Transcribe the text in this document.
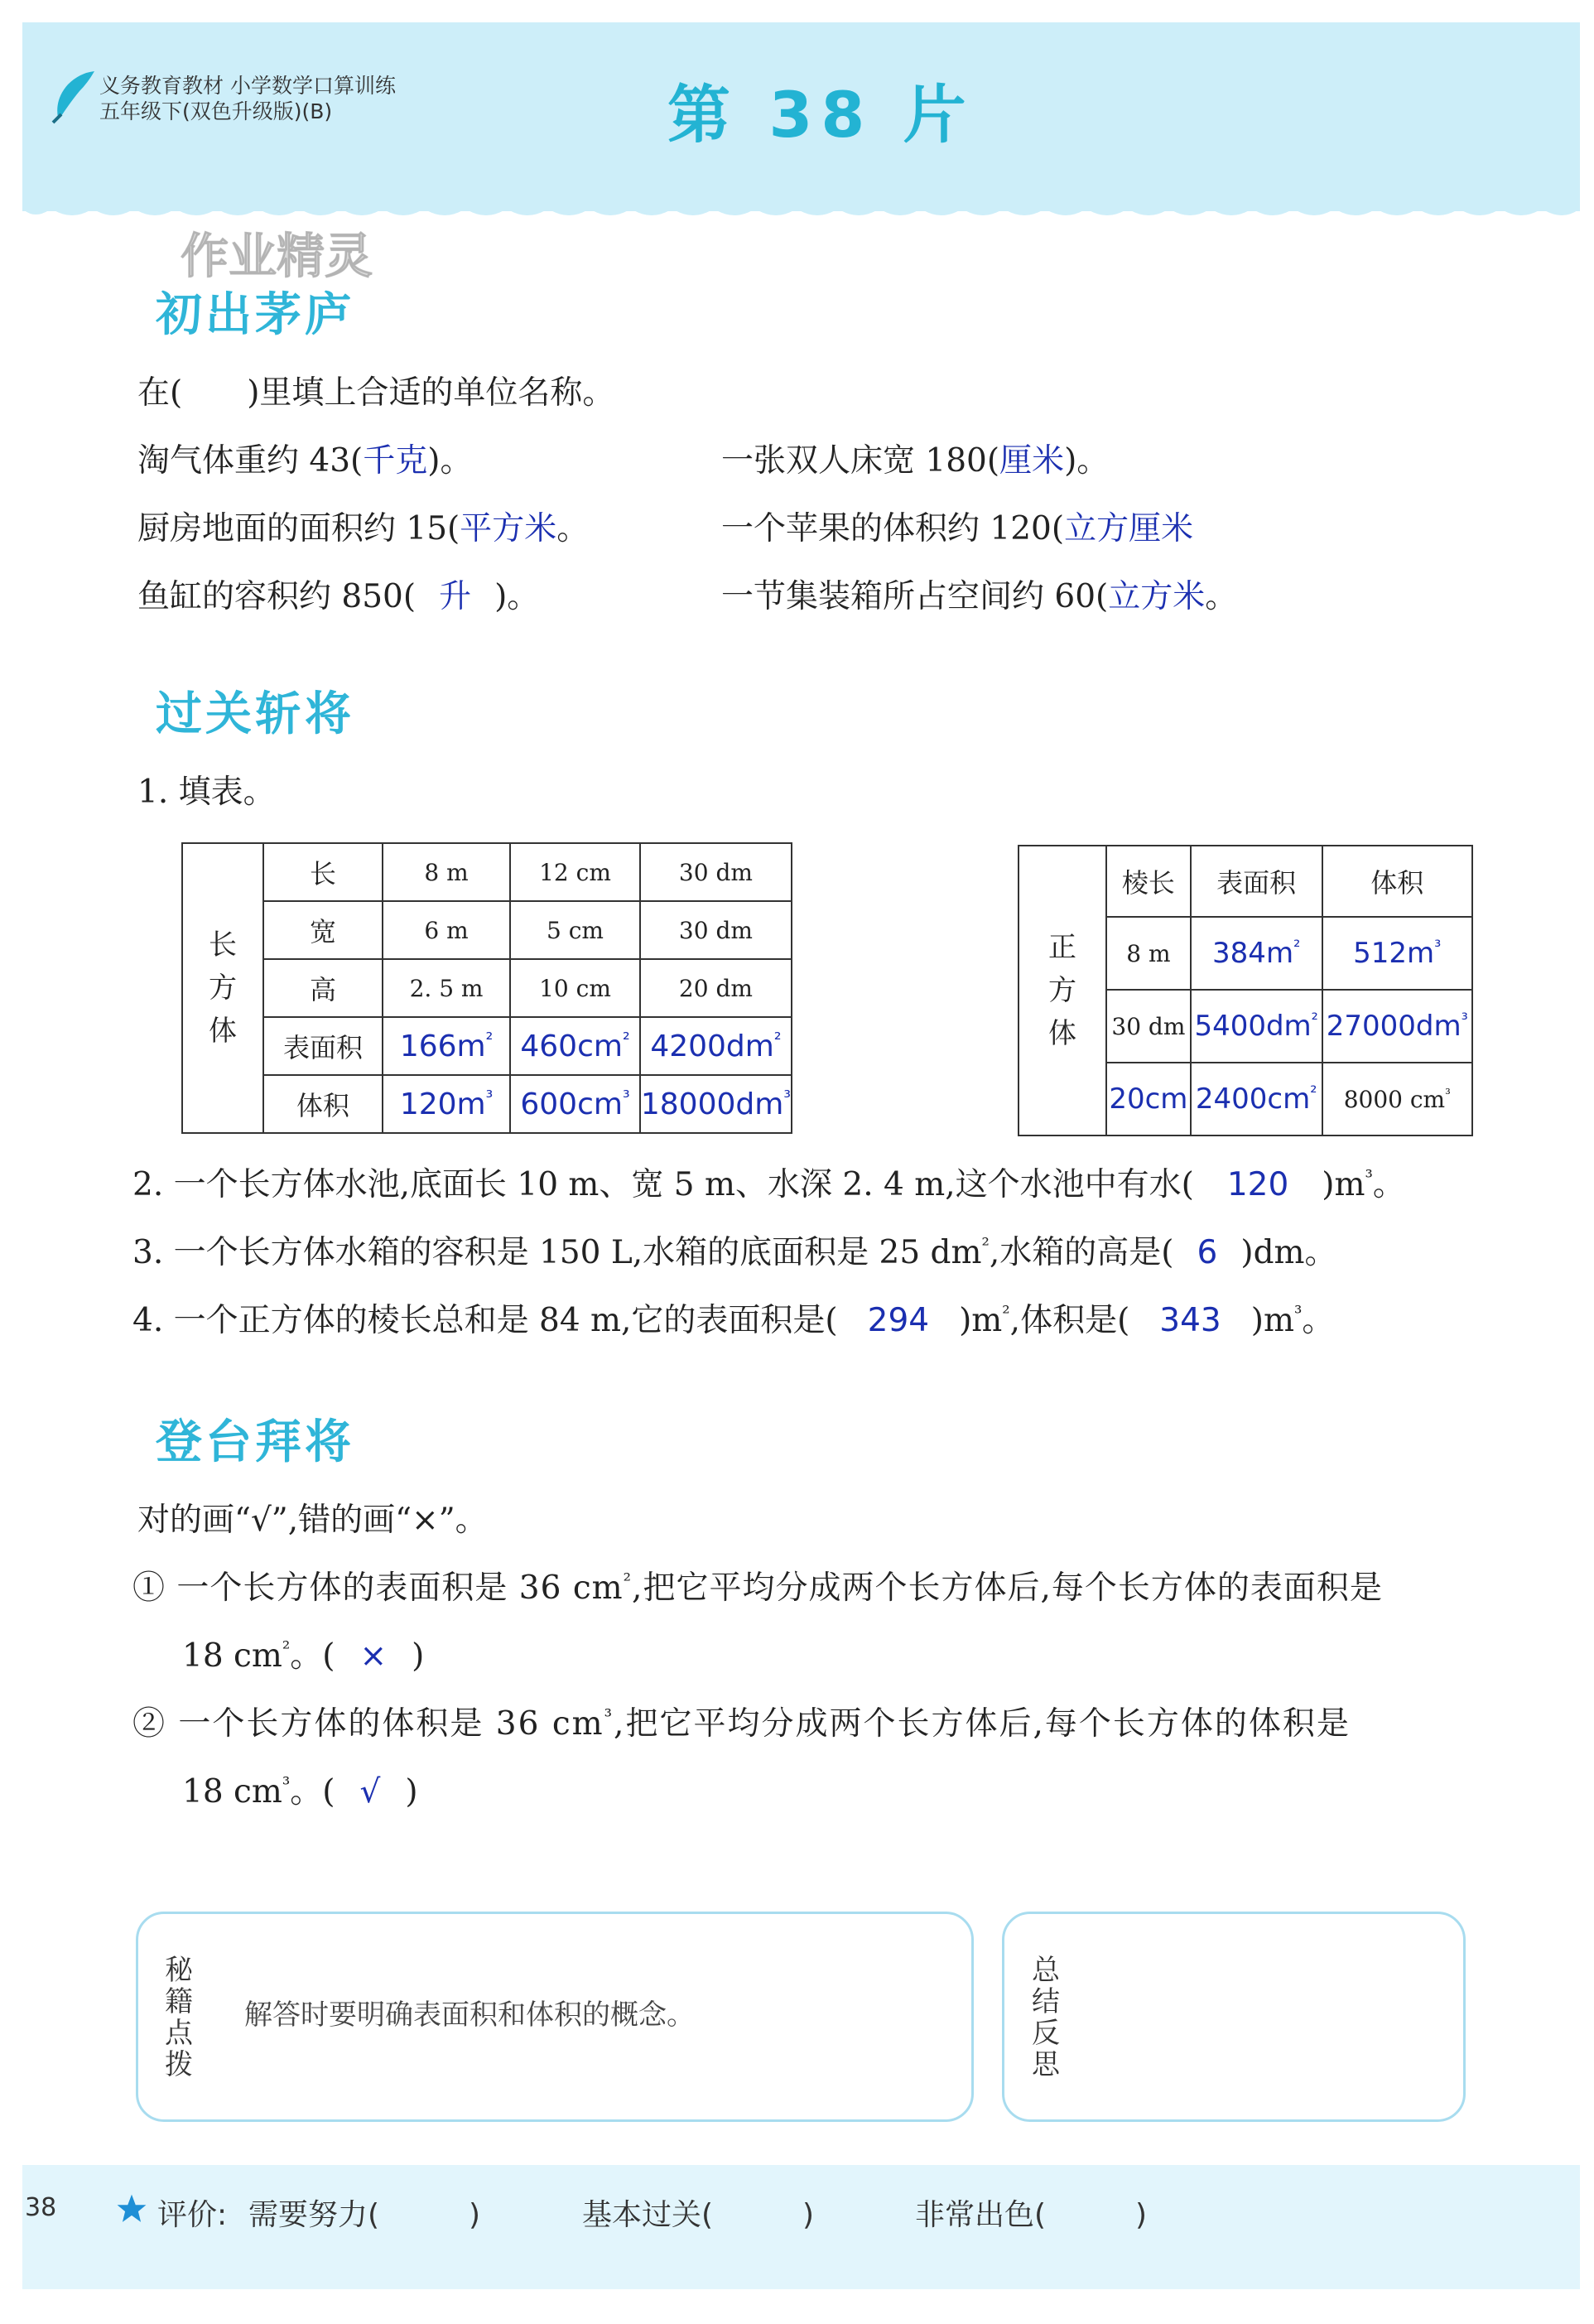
义务教育教材 小学数学口算训练
五年级下(双色升级版)(B)	第 38 片
作业精灵
初出茅庐
在(　　)里填上合适的单位名称。
淘气体重约 43(千克)。	一张双人床宽 180(厘米)。
厨房地面的面积约 15(平方米。	一个苹果的体积约 120(立方厘米
鱼缸的容积约 850( 升 )。	一节集装箱所占空间约 60(立方米。
过关斩将
1. 填表。
长
方
体	长	8 m	12 cm	30 dm
	宽	6 m	5 cm	30 dm
	高	2. 5 m	10 cm	20 dm
	表面积	$166m^{^2}$	$460cm^{^2}$	$4200dm^{^2}$
	体积	$120m^{^3}$	$600cm^{^3}$	$18000dm^{^3}$
正
方
体	棱长	表面积	体积
	8 m	$384m^{^2}$	$512m^{^3}$
	30 dm	$5400dm^{^2}$	$27000dm^{^3}$
	20cm	$2400cm^{^2}$	8000 $cm^{^3}$
2. 一个长方体水池,底面长 10 m、宽 5 m、水深 2. 4 m,这个水池中有水( 120 )$m^{^3}$。
3. 一个长方体水箱的容积是 150 L,水箱的底面积是 25 $dm^{^2}$,水箱的高是( 6 )dm。
4. 一个正方体的棱长总和是 84 m,它的表面积是( 294 )$m^{^2}$,体积是( 343 )$m^{^3}$。
登台拜将
对的画“√”,错的画“×”。
① 一个长方体的表面积是 36 $cm^{^2}$,把它平均分成两个长方体后,每个长方体的表面积是
18 $cm^{^2}$。( × )
② 一个长方体的体积是 36 $cm^{^3}$,把它平均分成两个长方体后,每个长方体的体积是
18 $cm^{^3}$。( √ )
秘
籍
点
拨
解答时要明确表面积和体积的概念。
总
结
反
思
38	评价: 需要努力(　　　)	基本过关(　　　)	非常出色(　　　)
